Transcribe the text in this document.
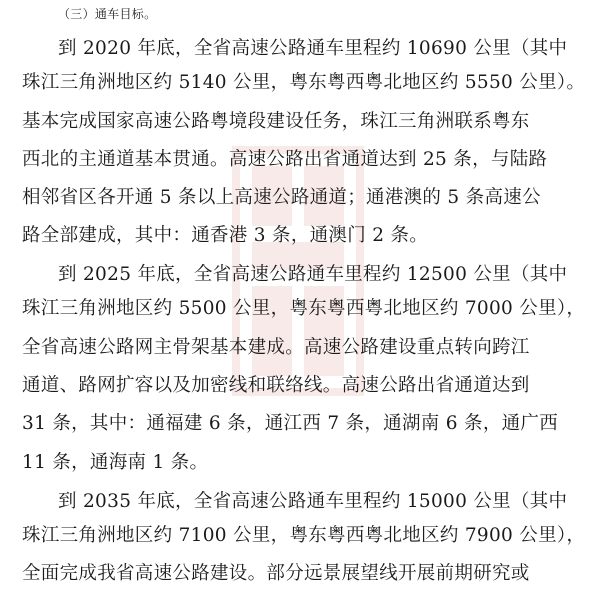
（三）通车目标。
到 2020 年底，全省高速公路通车里程约 10690 公里（其中
珠江三角洲地区约 5140 公里，粤东粤西粤北地区约 5550 公里）。
基本完成国家高速公路粤境段建设任务，珠江三角洲联系粤东
西北的主通道基本贯通。高速公路出省通道达到 25 条，与陆路
相邻省区各开通 5 条以上高速公路通道；通港澳的 5 条高速公
路全部建成，其中：通香港 3 条，通澳门 2 条。
到 2025 年底，全省高速公路通车里程约 12500 公里（其中
珠江三角洲地区约 5500 公里，粤东粤西粤北地区约 7000 公里），
全省高速公路网主骨架基本建成。高速公路建设重点转向跨江
通道、路网扩容以及加密线和联络线。高速公路出省通道达到
31 条，其中：通福建 6 条，通江西 7 条，通湖南 6 条，通广西
11 条，通海南 1 条。
到 2035 年底，全省高速公路通车里程约 15000 公里（其中
珠江三角洲地区约 7100 公里，粤东粤西粤北地区约 7900 公里），
全面完成我省高速公路建设。部分远景展望线开展前期研究或
